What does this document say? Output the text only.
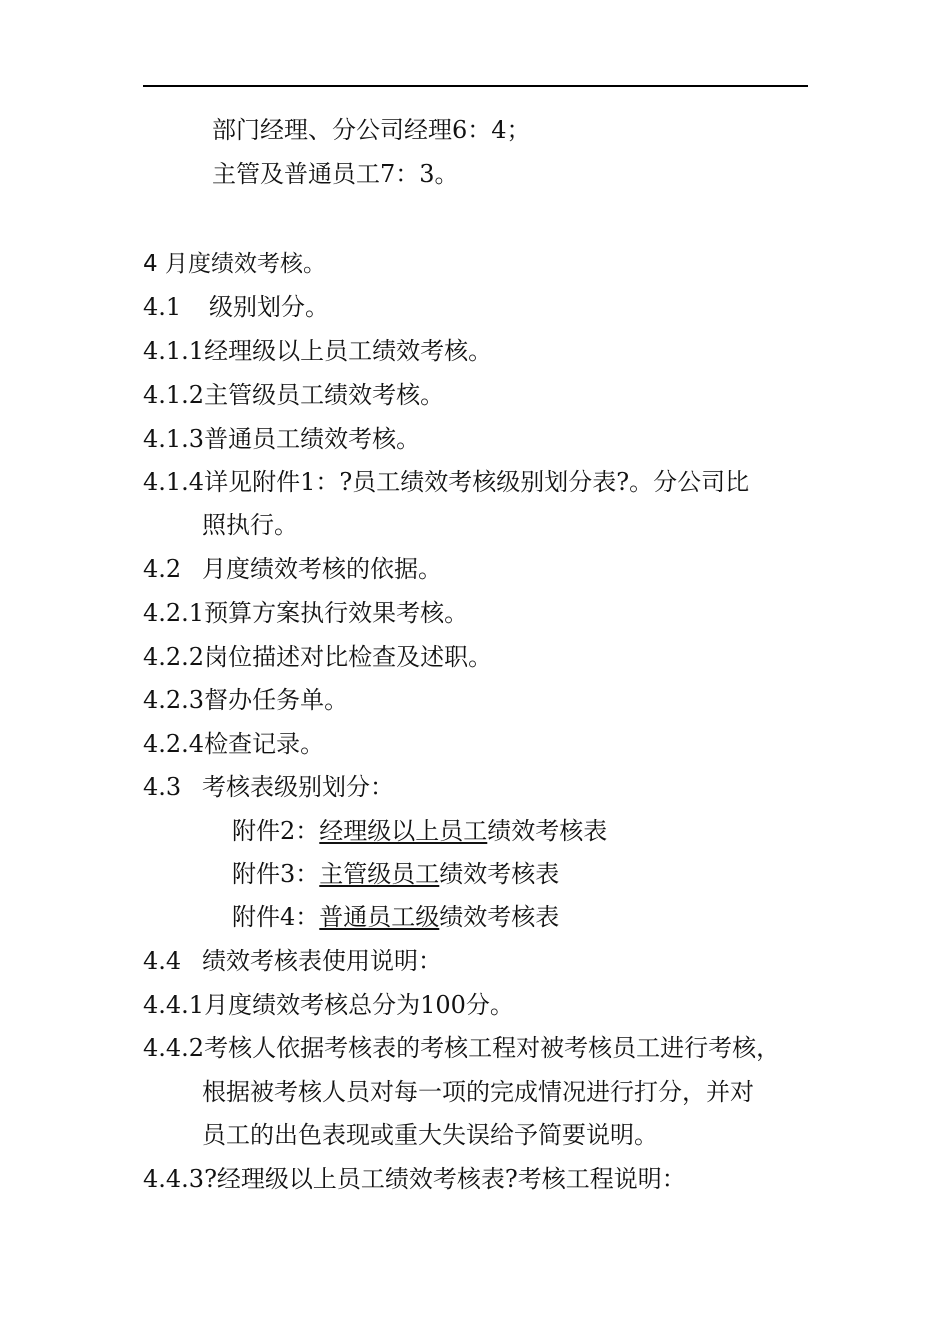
部门经理、分公司经理6：4；
主管及普通员工7：3。
4 月度绩效考核。
4.1 级别划分。
4.1.1经理级以上员工绩效考核。
4.1.2主管级员工绩效考核。
4.1.3普通员工绩效考核。
4.1.4详见附件1：?员工绩效考核级别划分表?。分公司比
照执行。
4.2 月度绩效考核的依据。
4.2.1预算方案执行效果考核。
4.2.2岗位描述对比检查及述职。
4.2.3督办任务单。
4.2.4检查记录。
4.3 考核表级别划分：
附件2：经理级以上员工绩效考核表
附件3：主管级员工绩效考核表
附件4：普通员工级绩效考核表
4.4 绩效考核表使用说明：
4.4.1月度绩效考核总分为100分。
4.4.2考核人依据考核表的考核工程对被考核员工进行考核，
根据被考核人员对每一项的完成情况进行打分，并对
员工的出色表现或重大失误给予简要说明。
4.4.3?经理级以上员工绩效考核表?考核工程说明：
